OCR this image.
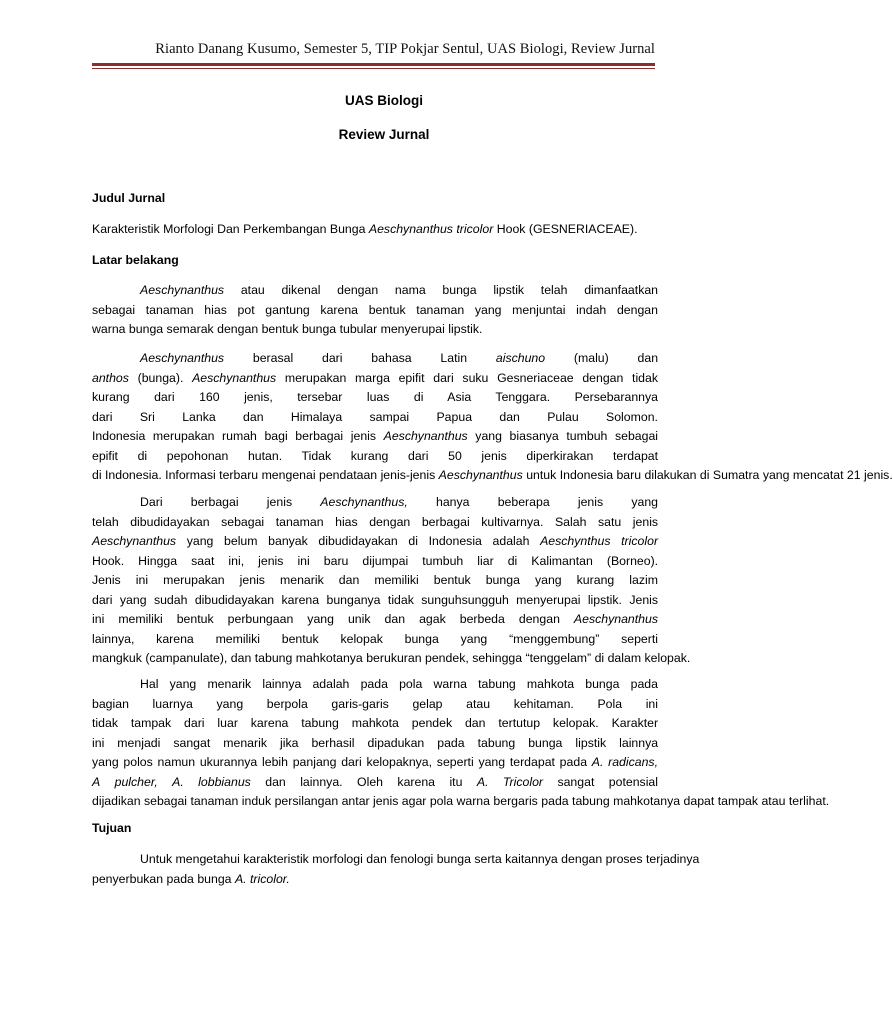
Rianto Danang Kusumo, Semester 5, TIP Pokjar Sentul, UAS Biologi, Review Jurnal
UAS Biologi
Review Jurnal
Judul Jurnal
Karakteristik Morfologi Dan Perkembangan Bunga Aeschynanthus tricolor Hook (GESNERIACEAE).
Latar belakang
Aeschynanthus atau dikenal dengan nama bunga lipstik telah dimanfaatkan
sebagai tanaman hias pot gantung karena bentuk tanaman yang menjuntai indah dengan
warna bunga semarak dengan bentuk bunga tubular menyerupai lipstik.
Aeschynanthus berasal dari bahasa Latin aischuno (malu) dan
anthos (bunga). Aeschynanthus merupakan marga epifit dari suku Gesneriaceae dengan tidak
kurang dari 160 jenis, tersebar luas di Asia Tenggara. Persebarannya
dari Sri Lanka dan Himalaya sampai Papua dan Pulau Solomon.
Indonesia merupakan rumah bagi berbagai jenis Aeschynanthus yang biasanya tumbuh sebagai
epifit di pepohonan hutan. Tidak kurang dari 50 jenis diperkirakan terdapat
di Indonesia. Informasi terbaru mengenai pendataan jenis-jenis Aeschynanthus untuk Indonesia baru dilakukan di Sumatra yang mencatat 21 jenis.
Dari berbagai jenis Aeschynanthus, hanya beberapa jenis yang
telah dibudidayakan sebagai tanaman hias dengan berbagai kultivarnya. Salah satu jenis
Aeschynanthus yang belum banyak dibudidayakan di Indonesia adalah Aeschynthus tricolor
Hook. Hingga saat ini, jenis ini baru dijumpai tumbuh liar di Kalimantan (Borneo).
Jenis ini merupakan jenis menarik dan memiliki bentuk bunga yang kurang lazim
dari yang sudah dibudidayakan karena bunganya tidak sunguhsungguh menyerupai lipstik. Jenis
ini memiliki bentuk perbungaan yang unik dan agak berbeda dengan Aeschynanthus
lainnya, karena memiliki bentuk kelopak bunga yang “menggembung” seperti
mangkuk (campanulate), dan tabung mahkotanya berukuran pendek, sehingga “tenggelam” di dalam kelopak.
Hal yang menarik lainnya adalah pada pola warna tabung mahkota bunga pada
bagian luarnya yang berpola garis-garis gelap atau kehitaman. Pola ini
tidak tampak dari luar karena tabung mahkota pendek dan tertutup kelopak. Karakter
ini menjadi sangat menarik jika berhasil dipadukan pada tabung bunga lipstik lainnya
yang polos namun ukurannya lebih panjang dari kelopaknya, seperti yang terdapat pada A. radicans,
A pulcher, A. lobbianus dan lainnya. Oleh karena itu A. Tricolor sangat potensial
dijadikan sebagai tanaman induk persilangan antar jenis agar pola warna bergaris pada tabung mahkotanya dapat tampak atau terlihat.
Tujuan
Untuk mengetahui karakteristik morfologi dan fenologi bunga serta kaitannya dengan proses terjadinya
penyerbukan pada bunga A. tricolor.
